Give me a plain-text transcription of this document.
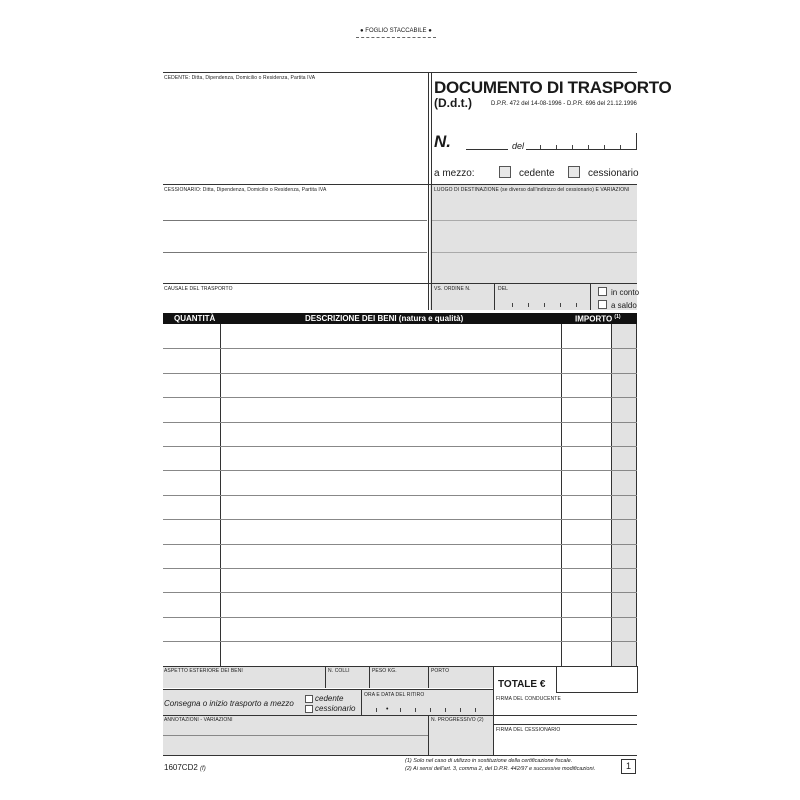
● FOGLIO STACCABILE ●
CEDENTE: Ditta, Dipendenza, Domicilio o Residenza, Partita IVA	DOCUMENTO DI TRASPORTO
(D.d.t.)	D.P.R. 472 del 14-08-1996 - D.P.R. 696 del 21.12.1996
N.	del
a mezzo:	cedente	cessionario
CESSIONARIO: Ditta, Dipendenza, Domicilio o Residenza, Partita IVA	LUOGO DI DESTINAZIONE (se diverso dall'indirizzo del cessionario) E VARIAZIONI
CAUSALE DEL TRASPORTO	VS. ORDINE N.	DEL	in conto
a saldo
QUANTITÀ	DESCRIZIONE DEI BENI (natura e qualità)	IMPORTO $^{(1)}$
ASPETTO ESTERIORE DEI BENI	N. COLLI	PESO KG.	PORTO
TOTALE €
Consegna o inizio trasporto a mezzo
cedente
cessionario
ORA E DATA DEL RITIRO
•
FIRMA DEL CONDUCENTE
ANNOTAZIONI - VARIAZIONI	N. PROGRESSIVO (2)
FIRMA DEL CESSIONARIO
1607CD2 (f)
(1) Solo nel caso di utilizzo in sostituzione della certificazione fiscale.
(2) Ai sensi dell'art. 3, comma 2, del D.P.R. 442/97 e successive modificazioni.	1
